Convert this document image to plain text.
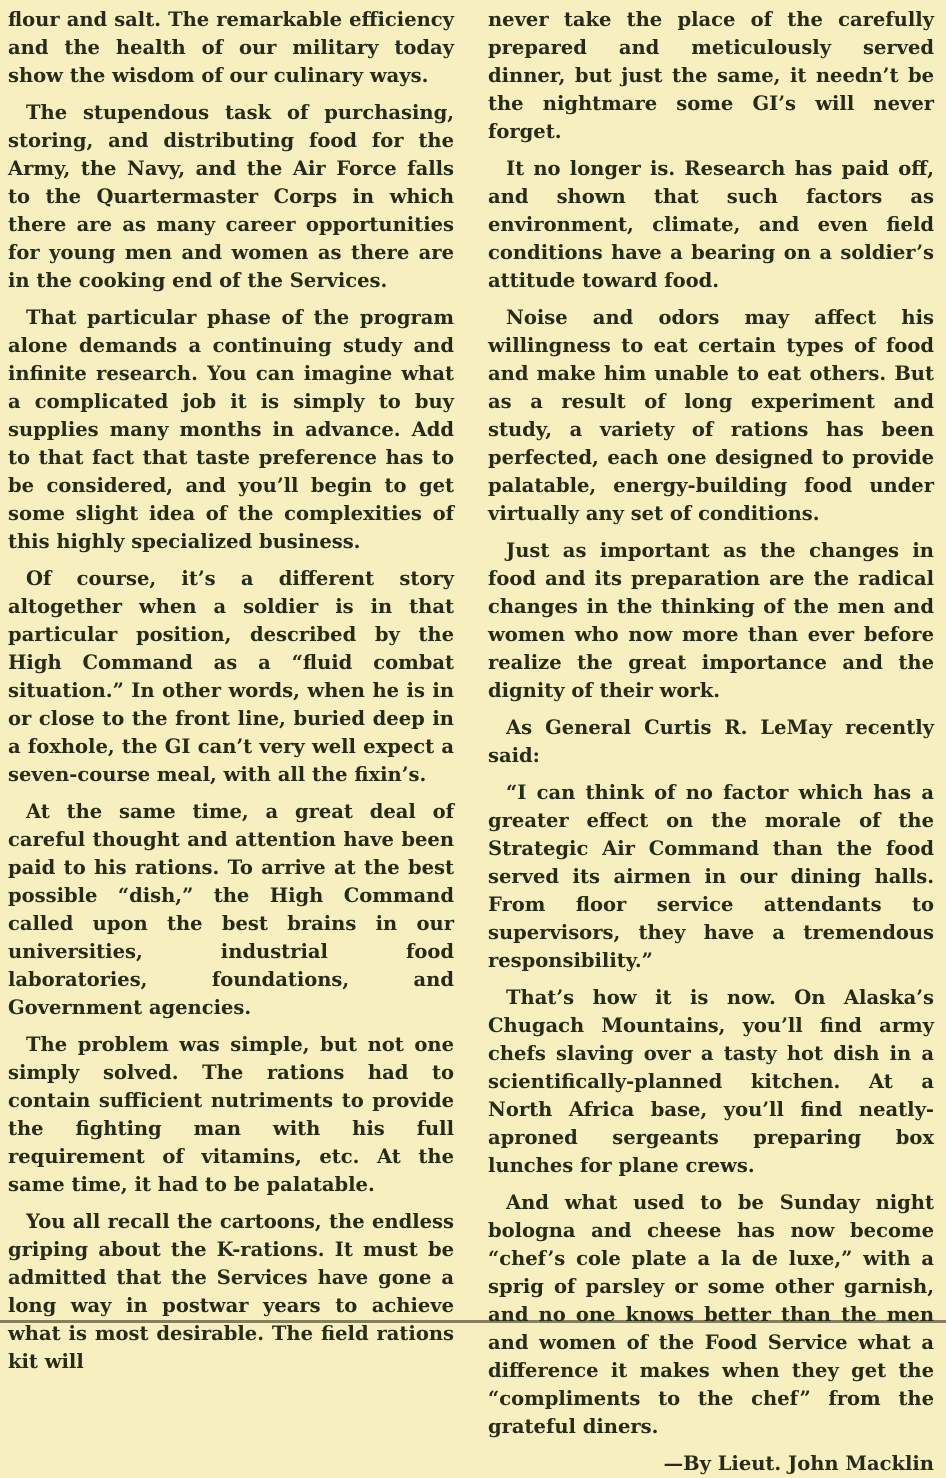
flour and salt. The remarkable efficiency and the health of our military today show the wisdom of our culinary ways.

The stupendous task of purchasing, storing, and distributing food for the Army, the Navy, and the Air Force falls to the Quartermaster Corps in which there are as many career opportunities for young men and women as there are in the cooking end of the Services.

That particular phase of the program alone demands a continuing study and infinite research. You can imagine what a complicated job it is simply to buy supplies many months in advance. Add to that fact that taste preference has to be considered, and you’ll begin to get some slight idea of the complexities of this highly specialized business.

Of course, it’s a different story altogether when a soldier is in that particular position, described by the High Command as a “fluid combat situation.” In other words, when he is in or close to the front line, buried deep in a foxhole, the GI can’t very well expect a seven-course meal, with all the fixin’s.

At the same time, a great deal of careful thought and attention have been paid to his rations. To arrive at the best possible “dish,” the High Command called upon the best brains in our universities, industrial food laboratories, foundations, and Government agencies.

The problem was simple, but not one simply solved. The rations had to contain sufficient nutriments to provide the fighting man with his full requirement of vitamins, etc. At the same time, it had to be palatable.

You all recall the cartoons, the endless griping about the K-rations. It must be admitted that the Services have gone a long way in postwar years to achieve what is most desirable. The field rations kit will

never take the place of the carefully prepared and meticulously served dinner, but just the same, it needn’t be the nightmare some GI’s will never forget.

It no longer is. Research has paid off, and shown that such factors as environment, climate, and even field conditions have a bearing on a soldier’s attitude toward food.

Noise and odors may affect his willingness to eat certain types of food and make him unable to eat others. But as a result of long experiment and study, a variety of rations has been perfected, each one designed to provide palatable, energy-building food under virtually any set of conditions.

Just as important as the changes in food and its preparation are the radical changes in the thinking of the men and women who now more than ever before realize the great importance and the dignity of their work.

As General Curtis R. LeMay recently said:

“I can think of no factor which has a greater effect on the morale of the Strategic Air Command than the food served its airmen in our dining halls. From floor service attendants to supervisors, they have a tremendous responsibility.”

That’s how it is now. On Alaska’s Chugach Mountains, you’ll find army chefs slaving over a tasty hot dish in a scientifically-planned kitchen. At a North Africa base, you’ll find neatly-aproned sergeants preparing box lunches for plane crews.

And what used to be Sunday night bologna and cheese has now become “chef’s cole plate a la de luxe,” with a sprig of parsley or some other garnish, and no one knows better than the men and women of the Food Service what a difference it makes when they get the “compliments to the chef” from the grateful diners.

—By Lieut. John Macklin
